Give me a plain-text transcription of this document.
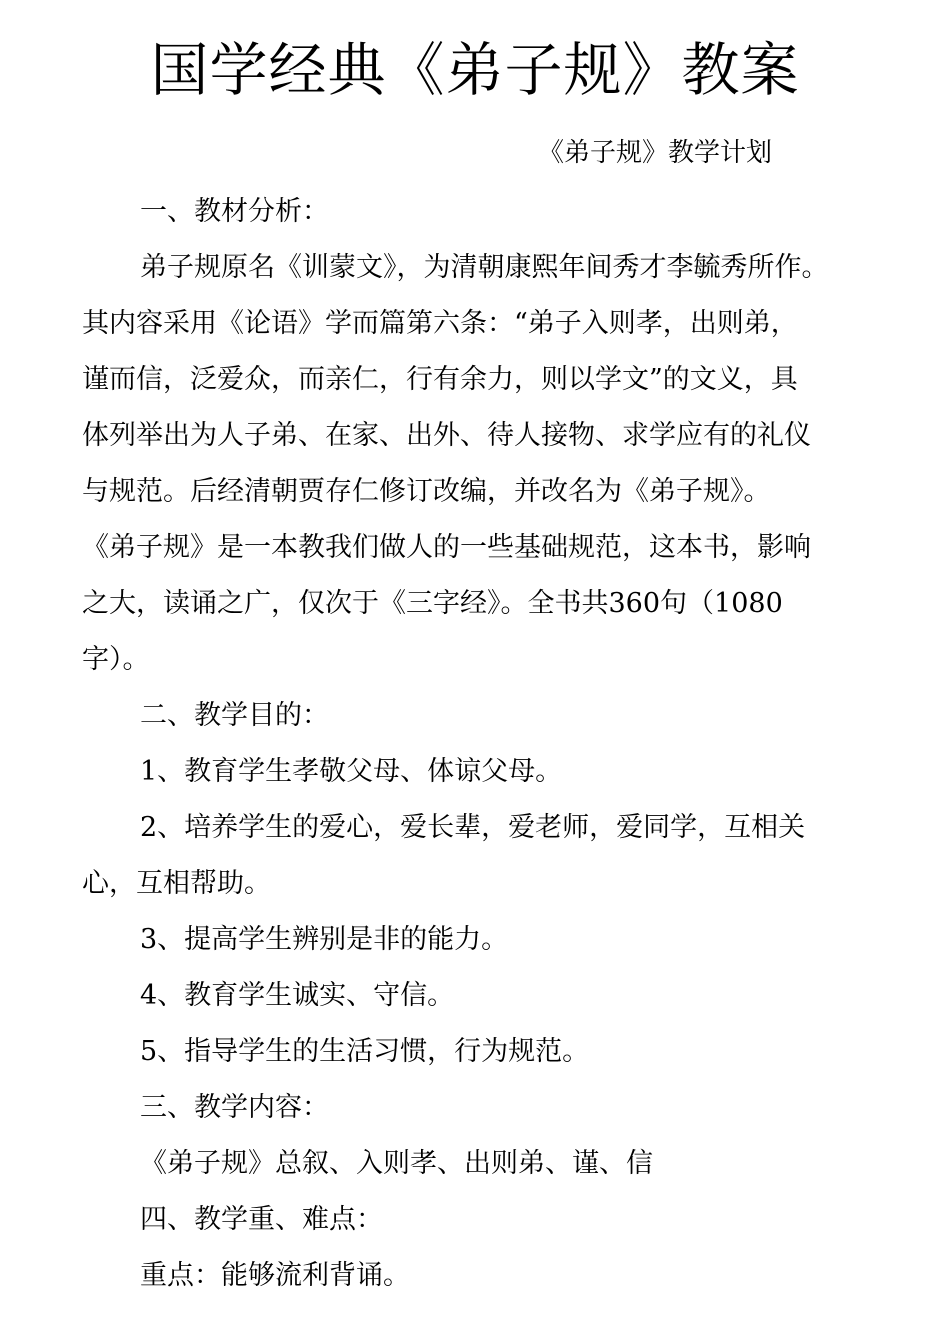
国学经典《弟子规》教案
《弟子规》教学计划
一、教材分析：
弟子规原名《训蒙文》，为清朝康熙年间秀才李毓秀所作。
其内容采用《论语》学而篇第六条：“弟子入则孝，出则弟，
谨而信，泛爱众，而亲仁，行有余力，则以学文”的文义，具
体列举出为人子弟、在家、出外、待人接物、求学应有的礼仪
与规范。后经清朝贾存仁修订改编，并改名为《弟子规》。
《弟子规》是一本教我们做人的一些基础规范，这本书，影响
之大，读诵之广，仅次于《三字经》。全书共360句（1080
字）。
二、教学目的：
1、教育学生孝敬父母、体谅父母。
2、培养学生的爱心，爱长辈，爱老师，爱同学，互相关
心，互相帮助。
3、提高学生辨别是非的能力。
4、教育学生诚实、守信。
5、指导学生的生活习惯，行为规范。
三、教学内容：
《弟子规》总叙、入则孝、出则弟、谨、信
四、教学重、难点：
重点：能够流利背诵。
